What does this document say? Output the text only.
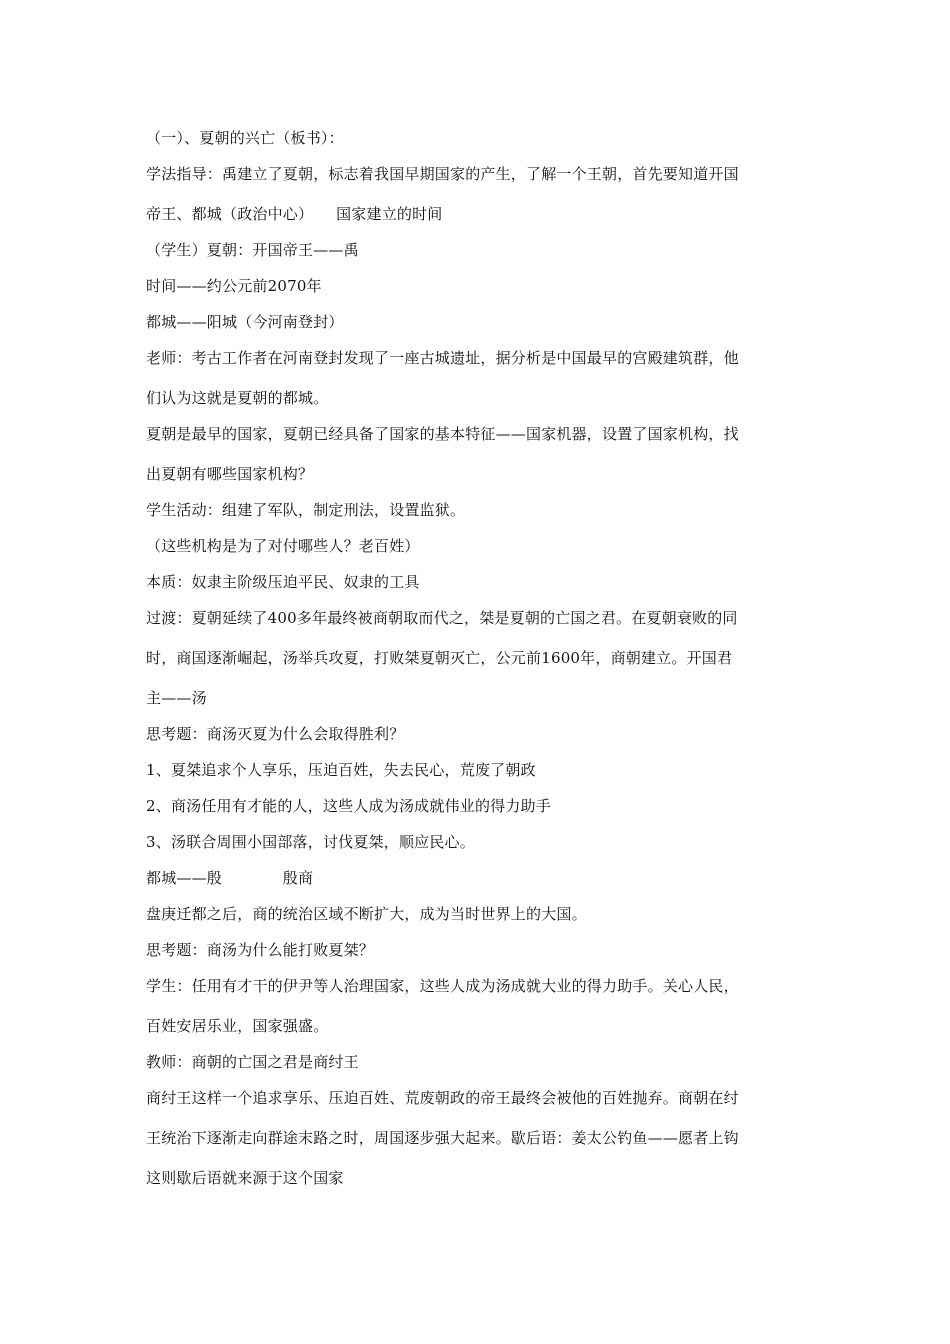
（一）、夏朝的兴亡（板书）：
学法指导：禹建立了夏朝，标志着我国早期国家的产生，了解一个王朝，首先要知道开国
帝王、都城（政治中心）　　国家建立的时间
（学生）夏朝：开国帝王——禹
时间——约公元前2070年
都城——阳城（今河南登封）
老师：考古工作者在河南登封发现了一座古城遗址，据分析是中国最早的宫殿建筑群，他
们认为这就是夏朝的都城。
夏朝是最早的国家，夏朝已经具备了国家的基本特征——国家机器，设置了国家机构，找
出夏朝有哪些国家机构？
学生活动：组建了军队，制定刑法，设置监狱。
（这些机构是为了对付哪些人？老百姓）
本质：奴隶主阶级压迫平民、奴隶的工具
过渡：夏朝延续了400多年最终被商朝取而代之，桀是夏朝的亡国之君。在夏朝衰败的同
时，商国逐渐崛起，汤举兵攻夏，打败桀夏朝灭亡，公元前1600年，商朝建立。开国君
主——汤
思考题：商汤灭夏为什么会取得胜利？
1、夏桀追求个人享乐，压迫百姓，失去民心，荒废了朝政
2、商汤任用有才能的人，这些人成为汤成就伟业的得力助手
3、汤联合周围小国部落，讨伐夏桀，顺应民心。
都城——殷　　　　殷商
盘庚迁都之后，商的统治区域不断扩大，成为当时世界上的大国。
思考题：商汤为什么能打败夏桀？
学生：任用有才干的伊尹等人治理国家，这些人成为汤成就大业的得力助手。关心人民，
百姓安居乐业，国家强盛。
教师：商朝的亡国之君是商纣王
商纣王这样一个追求享乐、压迫百姓、荒废朝政的帝王最终会被他的百姓抛弃。商朝在纣
王统治下逐渐走向群途末路之时，周国逐步强大起来。歇后语：姜太公钓鱼——愿者上钩
这则歇后语就来源于这个国家
